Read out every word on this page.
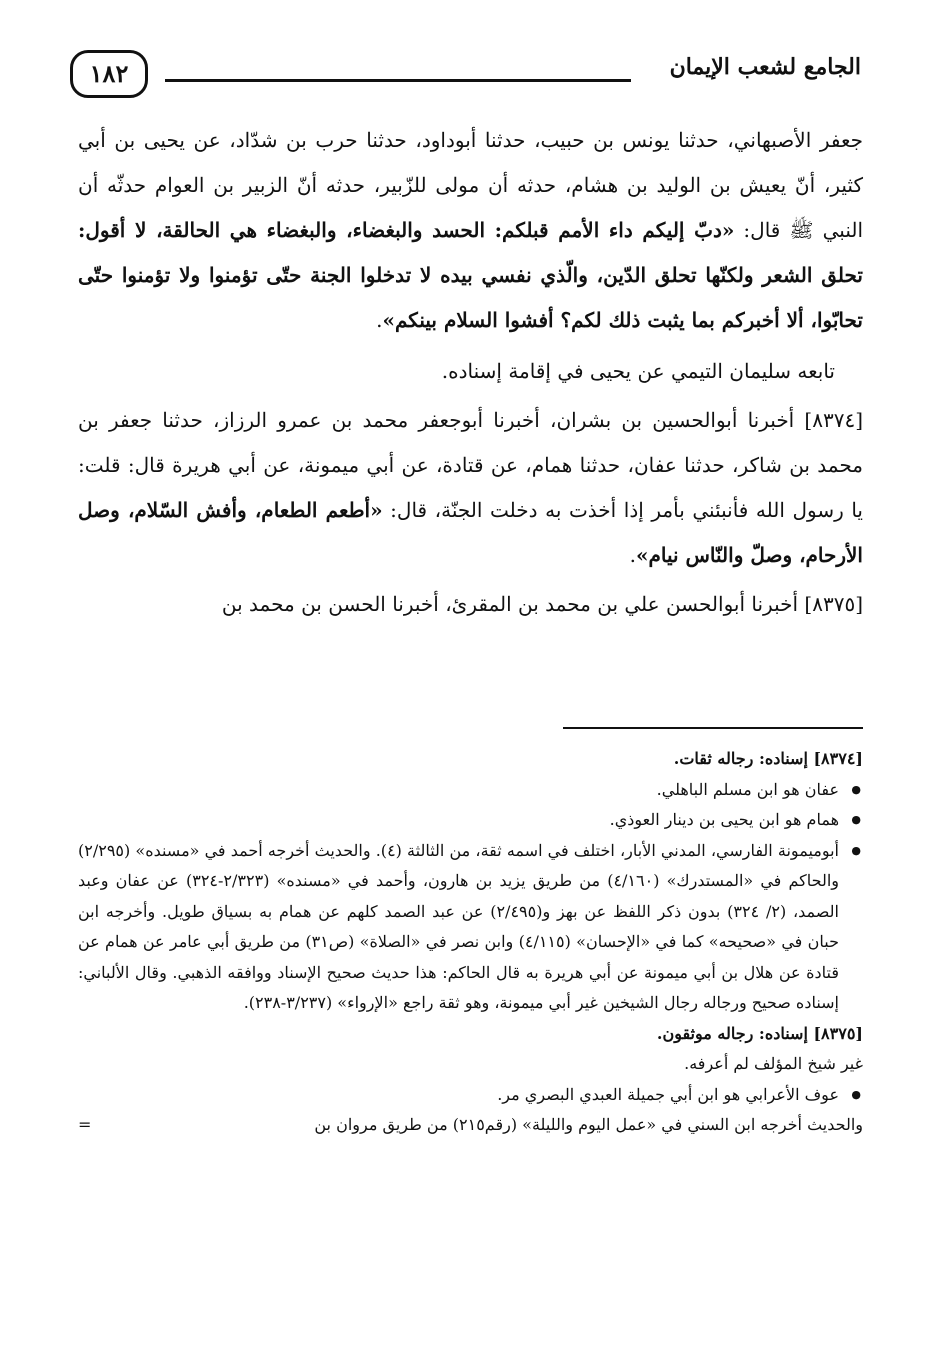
الجامع لشعب الإيمان
١٨٢

جعفر الأصبهاني، حدثنا يونس بن حبيب، حدثنا أبوداود، حدثنا حرب بن شدّاد، عن يحيى بن أبي كثير، أنّ يعيش بن الوليد بن هشام، حدثه أن مولى للزّبير، حدثه أنّ الزبير بن العوام حدثّه أن النبي ﷺ قال: «دبّ إليكم داء الأمم قبلكم: الحسد والبغضاء، والبغضاء هي الحالقة، لا أقول: تحلق الشعر ولكنّها تحلق الدّين، والّذي نفسي بيده لا تدخلوا الجنة حتّى تؤمنوا ولا تؤمنوا حتّى تحابّوا، ألا أخبركم بما يثبت ذلك لكم؟ أفشوا السلام بينكم».

تابعه سليمان التيمي عن يحيى في إقامة إسناده.

[٨٣٧٤] أخبرنا أبوالحسين بن بشران، أخبرنا أبوجعفر محمد بن عمرو الرزاز، حدثنا جعفر بن محمد بن شاكر، حدثنا عفان، حدثنا همام، عن قتادة، عن أبي ميمونة، عن أبي هريرة قال: قلت: يا رسول الله فأنبئني بأمر إذا أخذت به دخلت الجنّة، قال: «أطعم الطعام، وأفش السّلام، وصل الأرحام، وصلّ والنّاس نيام».

[٨٣٧٥] أخبرنا أبوالحسن علي بن محمد بن المقرئ، أخبرنا الحسن بن محمد بن

[٨٣٧٤] إسناده: رجاله ثقات.

● عفان هو ابن مسلم الباهلي.

● همام هو ابن يحيى بن دينار العوذي.

● أبوميمونة الفارسي، المدني الأبار، اختلف في اسمه ثقة، من الثالثة (٤). والحديث أخرجه أحمد في «مسنده» (٢/٢٩٥) والحاكم في «المستدرك» (٤/١٦٠) من طريق يزيد بن هارون، وأحمد في «مسنده» (٢/٣٢٣-٣٢٤) عن عفان وعبد الصمد، (٢/ ٣٢٤) بدون ذكر اللفظ عن بهز و(٢/٤٩٥) عن عبد الصمد كلهم عن همام به بسياق طويل. وأخرجه ابن حبان في «صحيحه» كما في «الإحسان» (٤/١١٥) وابن نصر في «الصلاة» (ص٣١) من طريق أبي عامر عن همام عن قتادة عن هلال بن أبي ميمونة عن أبي هريرة به قال الحاكم: هذا حديث صحيح الإسناد ووافقه الذهبي. وقال الألباني: إسناده صحيح ورجاله رجال الشيخين غير أبي ميمونة، وهو ثقة راجع «الإرواء» (٣/٢٣٧-٢٣٨).

[٨٣٧٥] إسناده: رجاله موثقون.

غير شيخ المؤلف لم أعرفه.

● عوف الأعرابي هو ابن أبي جميلة العبدي البصري مر.

والحديث أخرجه ابن السني في «عمل اليوم والليلة» (رقم٢١٥) من طريق مروان بن
=
